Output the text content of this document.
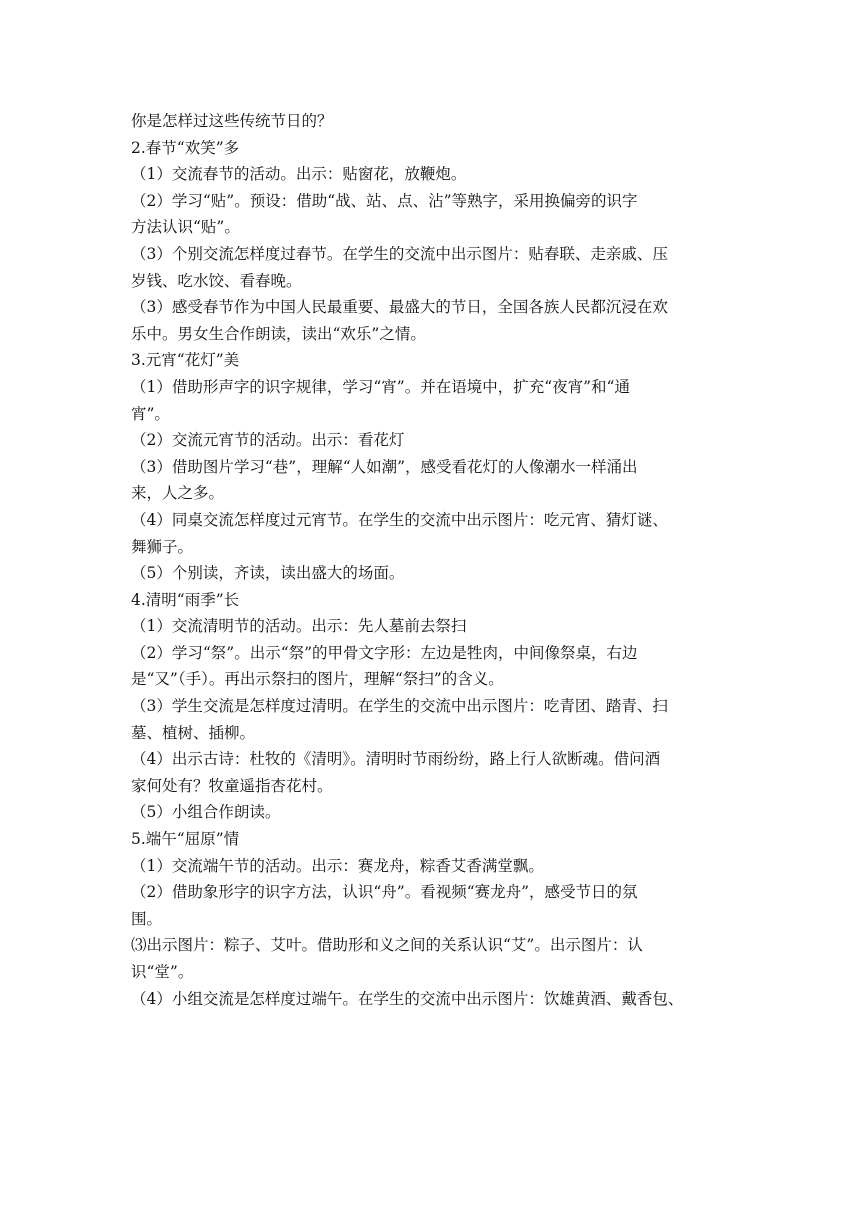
你是怎样过这些传统节日的？
2.春节“欢笑”多
（1）交流春节的活动。出示：贴窗花，放鞭炮。
（2）学习“贴”。预设：借助“战、站、点、沾”等熟字，采用换偏旁的识字
方法认识“贴”。
（3）个别交流怎样度过春节。在学生的交流中出示图片：贴春联、走亲戚、压
岁钱、吃水饺、看春晚。
（3）感受春节作为中国人民最重要、最盛大的节日，全国各族人民都沉浸在欢
乐中。男女生合作朗读，读出“欢乐”之情。
3.元宵“花灯”美
（1）借助形声字的识字规律，学习“宵”。并在语境中，扩充“夜宵”和“通
宵”。
（2）交流元宵节的活动。出示：看花灯
（3）借助图片学习“巷”，理解“人如潮”，感受看花灯的人像潮水一样涌出
来，人之多。
（4）同桌交流怎样度过元宵节。在学生的交流中出示图片：吃元宵、猜灯谜、
舞狮子。
（5）个别读，齐读，读出盛大的场面。
4.清明“雨季”长
（1）交流清明节的活动。出示：先人墓前去祭扫
（2）学习“祭”。出示“祭”的甲骨文字形：左边是牲肉，中间像祭桌，右边
是“又”（手）。再出示祭扫的图片，理解“祭扫”的含义。
（3）学生交流是怎样度过清明。在学生的交流中出示图片：吃青团、踏青、扫
墓、植树、插柳。
（4）出示古诗：杜牧的《清明》。清明时节雨纷纷，路上行人欲断魂。借问酒
家何处有？牧童遥指杏花村。
（5）小组合作朗读。
5.端午“屈原”情
（1）交流端午节的活动。出示：赛龙舟，粽香艾香满堂飘。
（2）借助象形字的识字方法，认识“舟”。看视频“赛龙舟”，感受节日的氛
围。
⑶出示图片：粽子、艾叶。借助形和义之间的关系认识“艾”。出示图片：认
识“堂”。
（4）小组交流是怎样度过端午。在学生的交流中出示图片：饮雄黄酒、戴香包、
